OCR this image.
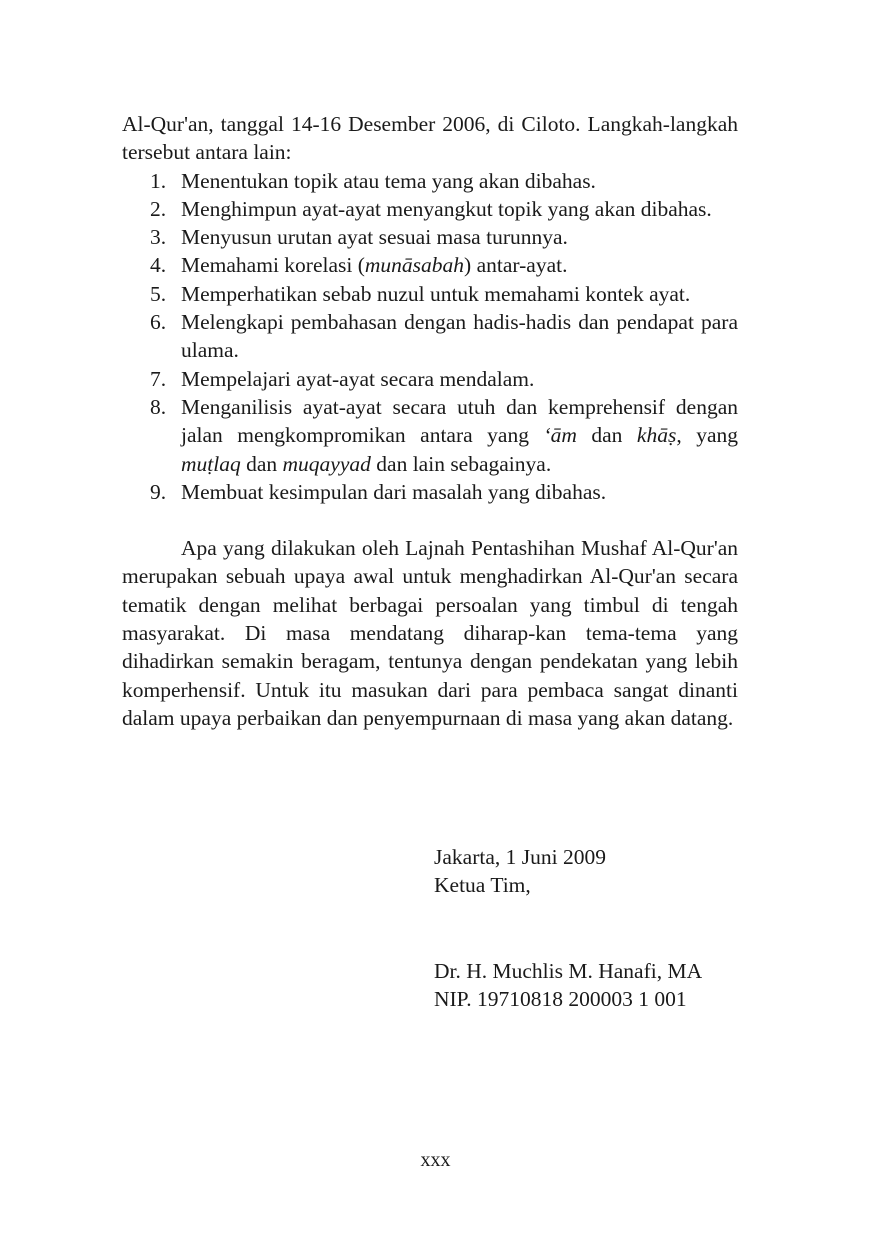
Al-Qur'an, tanggal 14-16 Desember 2006, di Ciloto. Langkah-langkah tersebut antara lain:

1. Menentukan topik atau tema yang akan dibahas.
2. Menghimpun ayat-ayat menyangkut topik yang akan dibahas.
3. Menyusun urutan ayat sesuai masa turunnya.
4. Memahami korelasi (munāsabah) antar-ayat.
5. Memperhatikan sebab nuzul untuk memahami kontek ayat.
6. Melengkapi pembahasan dengan hadis-hadis dan pendapat para ulama.
7. Mempelajari ayat-ayat secara mendalam.
8. Menganilisis ayat-ayat secara utuh dan kemprehensif dengan jalan mengkompromikan antara yang ‘ām dan khāṣ, yang muṭlaq dan muqayyad dan lain sebagainya.
9. Membuat kesimpulan dari masalah yang dibahas.

Apa yang dilakukan oleh Lajnah Pentashihan Mushaf Al-Qur'an merupakan sebuah upaya awal untuk menghadirkan Al-Qur'an secara tematik dengan melihat berbagai persoalan yang timbul di tengah masyarakat. Di masa mendatang diharap-kan tema-tema yang dihadirkan semakin beragam, tentunya dengan pendekatan yang lebih komperhensif. Untuk itu masukan dari para pembaca sangat dinanti dalam upaya perbaikan dan penyempurnaan di masa yang akan datang.

Jakarta, 1 Juni 2009
Ketua Tim,
Dr. H. Muchlis M. Hanafi, MA
NIP. 19710818 200003 1 001
xxx
